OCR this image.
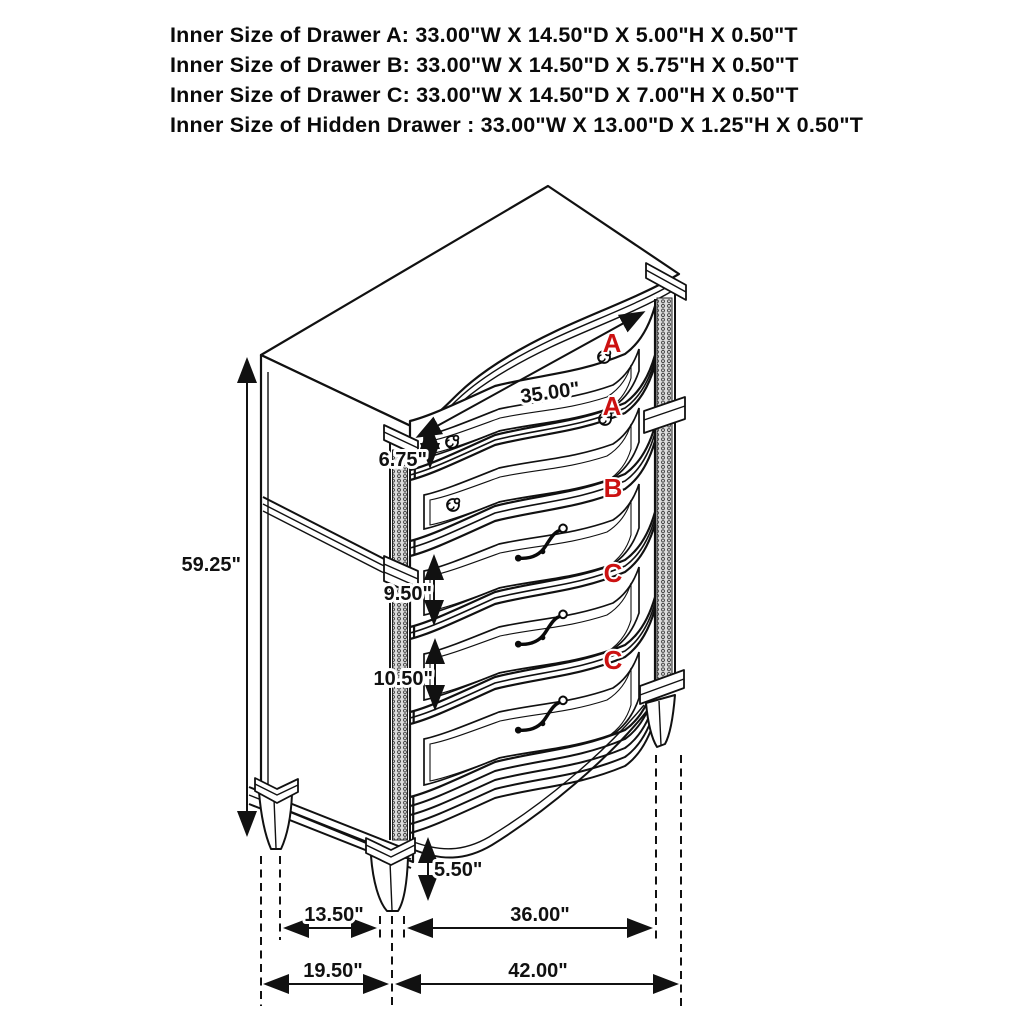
Inner Size of Drawer A: 33.00"W X 14.50"D X 5.00"H X 0.50"T
Inner Size of Drawer B: 33.00"W X 14.50"D X 5.75"H X 0.50"T
Inner Size of Drawer C: 33.00"W X 14.50"D X 7.00"H X 0.50"T
Inner Size of Hidden Drawer : 33.00"W X 13.00"D X 1.25"H X 0.50"T
A
A
B
C
C
59.25"
35.00"
6.75"
9.50"
10.50"
5.50"
13.50"	36.00"
19.50"	42.00"
